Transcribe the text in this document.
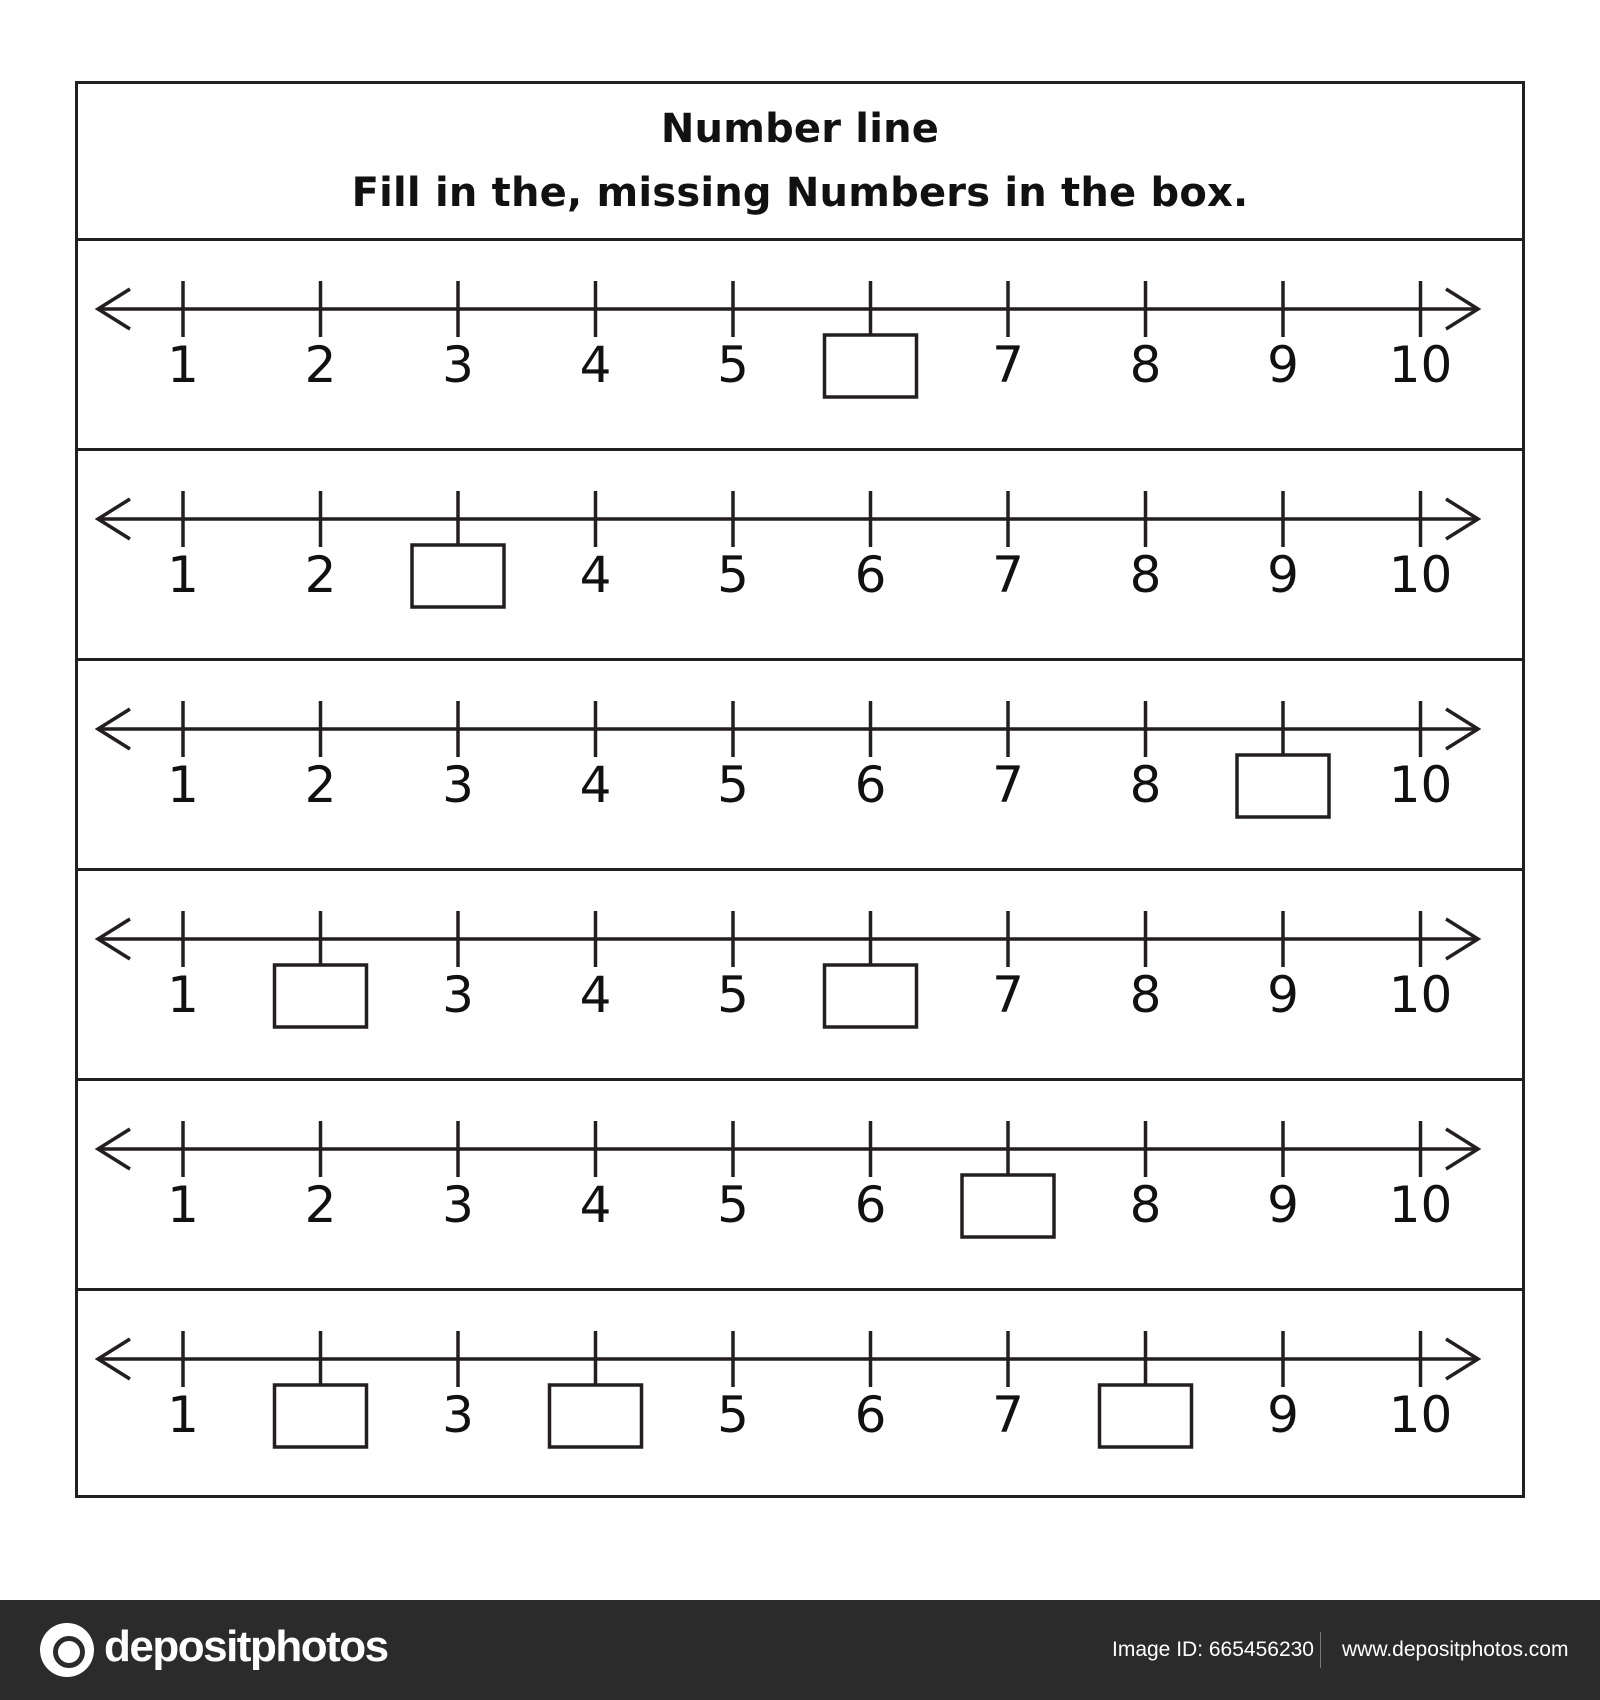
Number line
Fill in the, missing Numbers in the box.
1 2 3 4 5	7 8 9 10
1 2	4 5 6 7 8 9 10
1 2 3 4 5 6 7 8	10
1	3 4 5	7 8 9 10
1 2 3 4 5 6	8 9 10
1	3	5 6 7	9 10
depositphotos	Image ID: 665456230 www.depositphotos.com
